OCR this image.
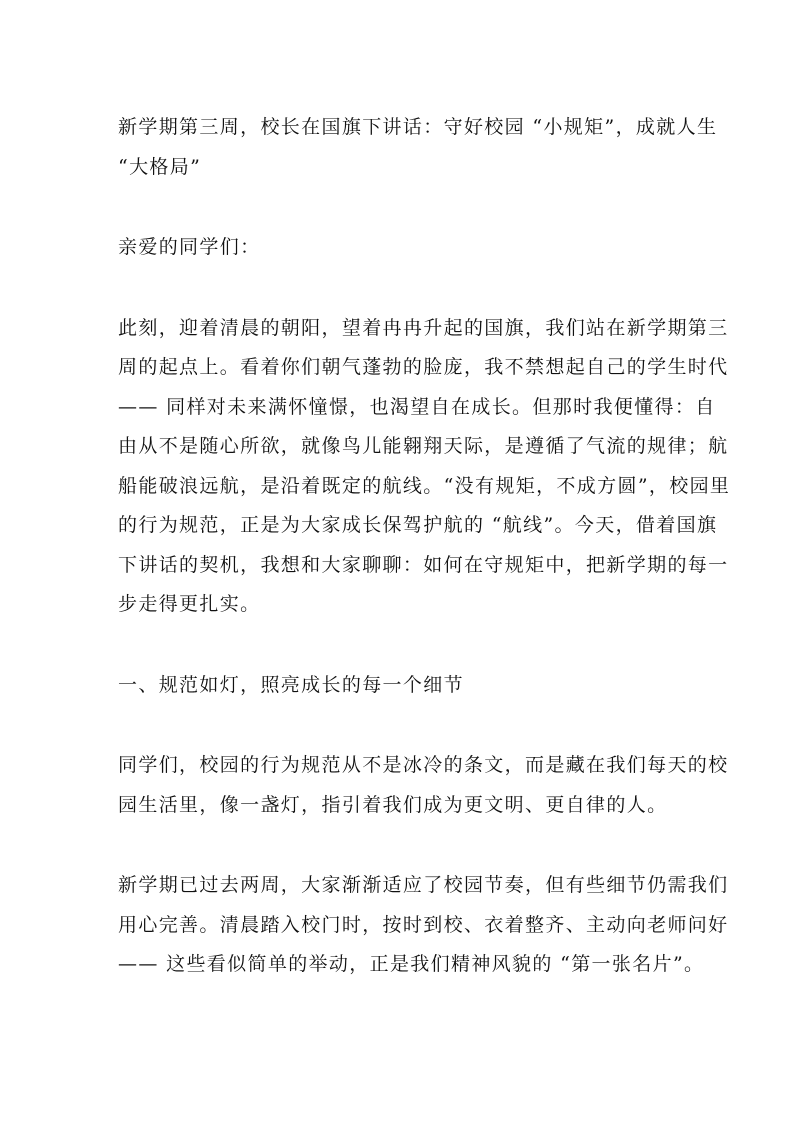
新学期第三周，校长在国旗下讲话：守好校园 “小规矩”，成就人生
“大格局”
亲爱的同学们：
此刻，迎着清晨的朝阳，望着冉冉升起的国旗，我们站在新学期第三
周的起点上。看着你们朝气蓬勃的脸庞，我不禁想起自己的学生时代
—— 同样对未来满怀憧憬，也渴望自在成长。但那时我便懂得：自
由从不是随心所欲，就像鸟儿能翱翔天际，是遵循了气流的规律；航
船能破浪远航，是沿着既定的航线。“没有规矩，不成方圆”，校园里
的行为规范，正是为大家成长保驾护航的 “航线”。今天，借着国旗
下讲话的契机，我想和大家聊聊：如何在守规矩中，把新学期的每一
步走得更扎实。
一、规范如灯，照亮成长的每一个细节
同学们，校园的行为规范从不是冰冷的条文，而是藏在我们每天的校
园生活里，像一盏灯，指引着我们成为更文明、更自律的人。
新学期已过去两周，大家渐渐适应了校园节奏，但有些细节仍需我们
用心完善。清晨踏入校门时，按时到校、衣着整齐、主动向老师问好
—— 这些看似简单的举动，正是我们精神风貌的 “第一张名片”。
